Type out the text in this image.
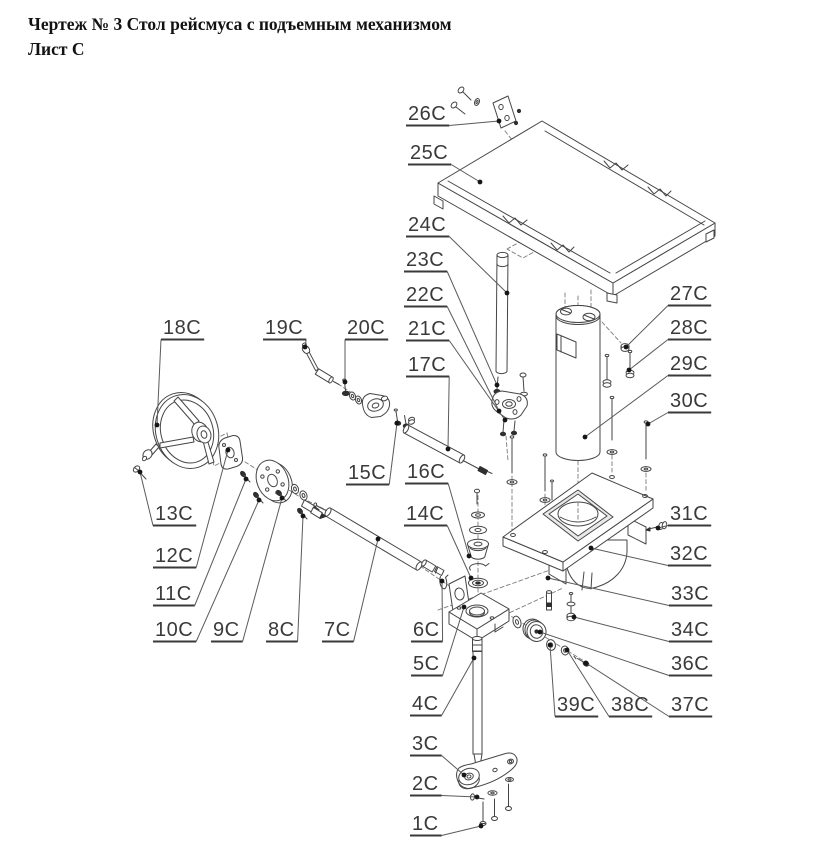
Чертеж № 3 Стол рейсмуса с подъемным механизмом
Лист C
1C
2C
3C
4C
5C
6C
7C
8C
9C
10C
11C
12C
13C	14C
15C 16C
17C
18C	19C 20C 21C
22C
23C
24C
25C
26C
27C
28C
29C
30C
31C
32C
33C
34C
36C
37C
38C
39C
